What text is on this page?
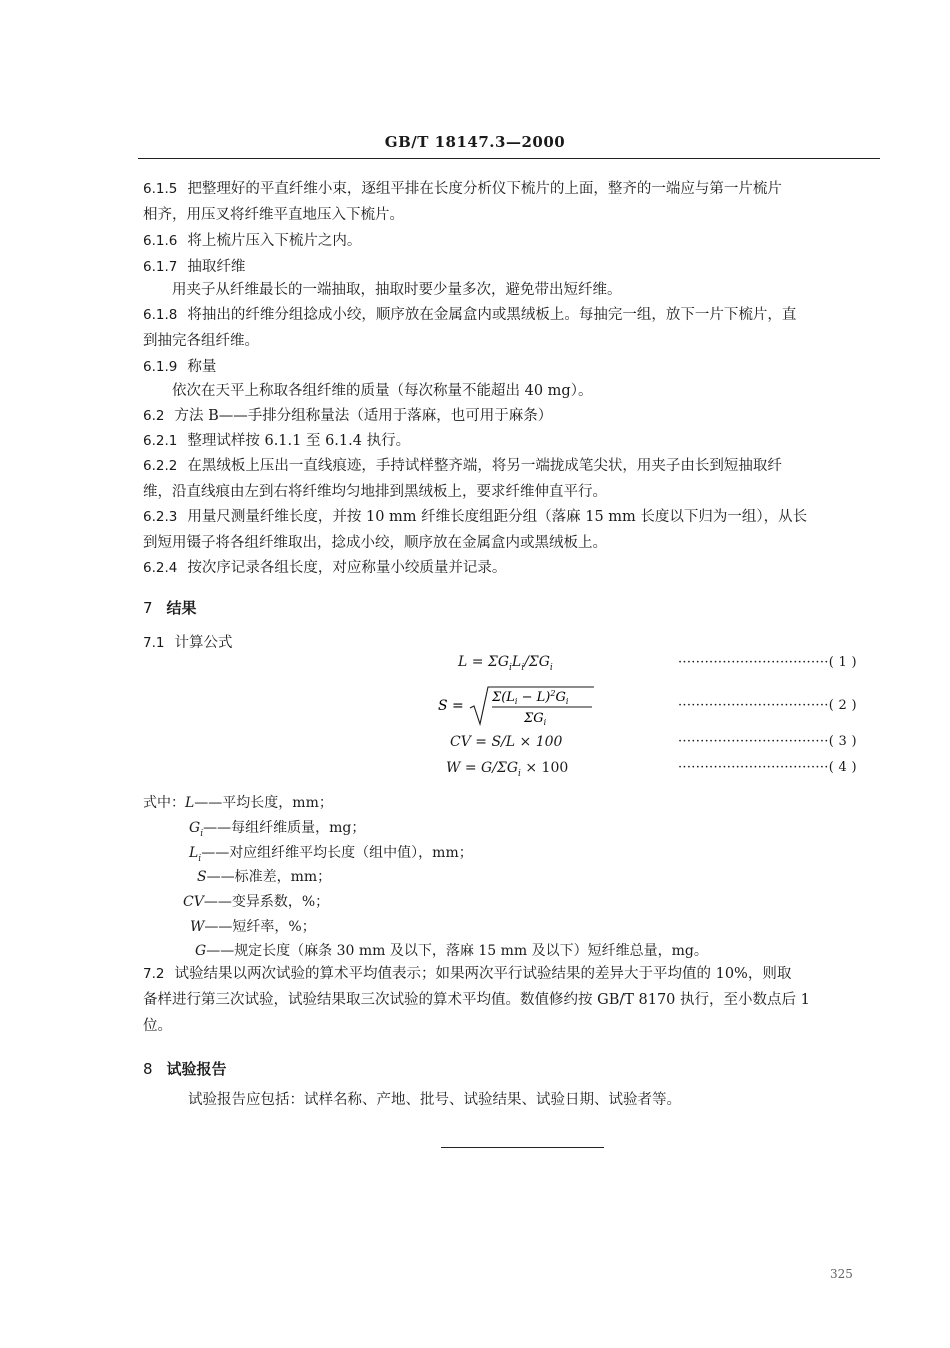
GB/T 18147.3—2000
6.1.5 把整理好的平直纤维小束，逐组平排在长度分析仪下梳片的上面，整齐的一端应与第一片梳片
相齐，用压叉将纤维平直地压入下梳片。
6.1.6 将上梳片压入下梳片之内。
6.1.7 抽取纤维
用夹子从纤维最长的一端抽取，抽取时要少量多次，避免带出短纤维。
6.1.8 将抽出的纤维分组捻成小绞，顺序放在金属盒内或黑绒板上。每抽完一组，放下一片下梳片，直
到抽完各组纤维。
6.1.9 称量
依次在天平上称取各组纤维的质量（每次称量不能超出 40 mg）。
6.2 方法 B——手排分组称量法（适用于落麻，也可用于麻条）
6.2.1 整理试样按 6.1.1 至 6.1.4 执行。
6.2.2 在黑绒板上压出一直线痕迹，手持试样整齐端，将另一端拢成笔尖状，用夹子由长到短抽取纤
维，沿直线痕由左到右将纤维均匀地排到黑绒板上，要求纤维伸直平行。
6.2.3 用量尺测量纤维长度，并按 10 mm 纤维长度组距分组（落麻 15 mm 长度以下归为一组），从长
到短用镊子将各组纤维取出，捻成小绞，顺序放在金属盒内或黑绒板上。
6.2.4 按次序记录各组长度，对应称量小绞质量并记录。
7 结果
7.1 计算公式
$L = \Sigma G_iL_i/\Sigma G_i$	··································( 1 )
S =
$\Sigma(L_i - L)^2G_i$
$\Sigma G_i$
··································( 2 )
CV = S/L × 100	··································( 3 )
$W = G/\Sigma G_i \times 100$	··································( 4 )
式中：L——平均长度，mm；
$G_i——$每组纤维质量，mg；
$L_i——$对应组纤维平均长度（组中值），mm；
S——标准差，mm；
CV——变异系数，%；
W——短纤率，%；
G——规定长度（麻条 30 mm 及以下，落麻 15 mm 及以下）短纤维总量，mg。
7.2 试验结果以两次试验的算术平均值表示；如果两次平行试验结果的差异大于平均值的 10%，则取
备样进行第三次试验，试验结果取三次试验的算术平均值。数值修约按 GB/T 8170 执行，至小数点后 1
位。
8 试验报告
试验报告应包括：试样名称、产地、批号、试验结果、试验日期、试验者等。
325
